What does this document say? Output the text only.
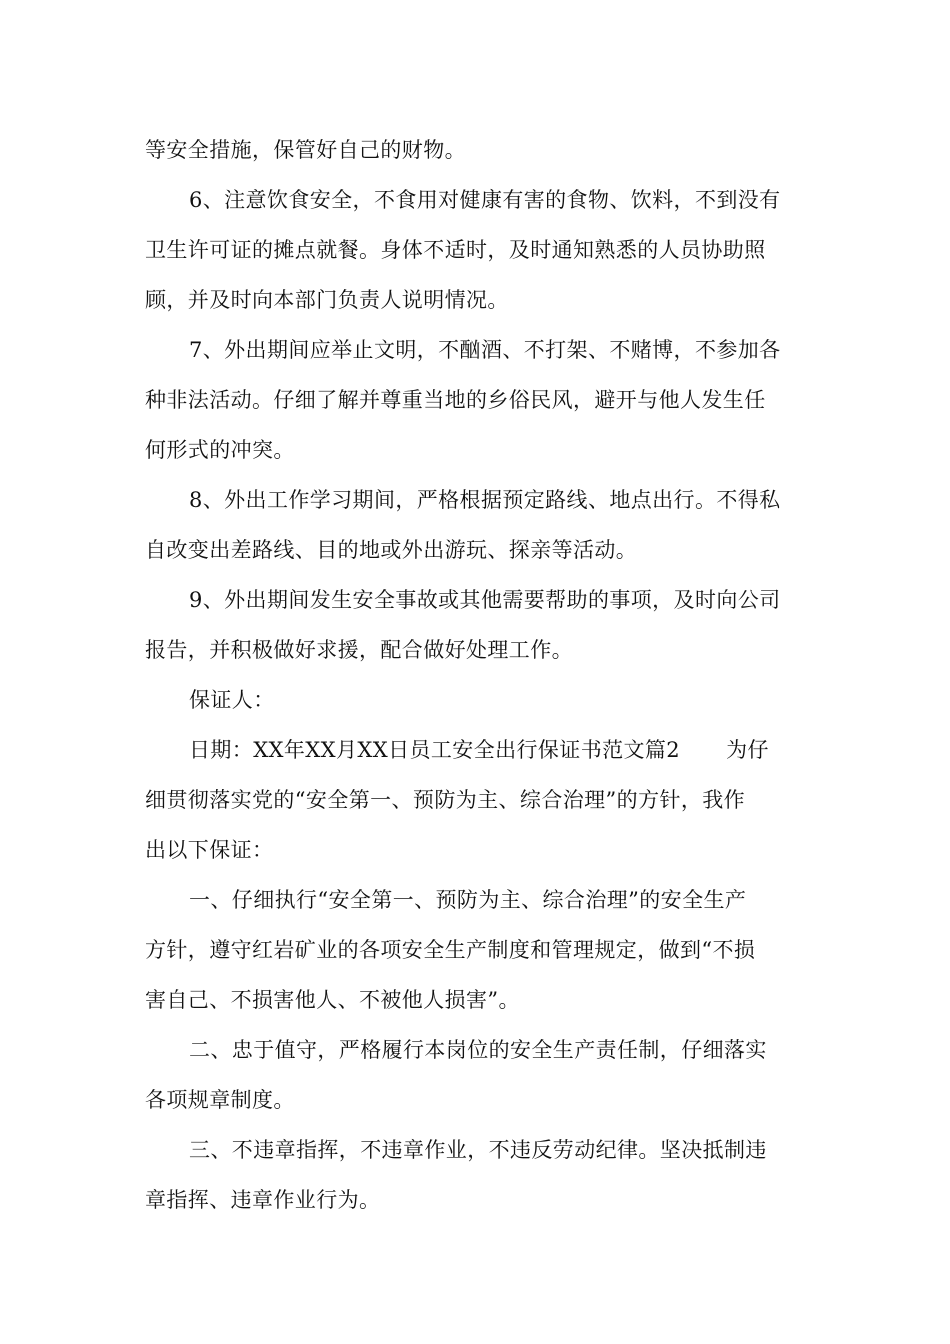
等安全措施，保管好自己的财物。
6、注意饮食安全，不食用对健康有害的食物、饮料，不到没有
卫生许可证的摊点就餐。身体不适时，及时通知熟悉的人员协助照
顾，并及时向本部门负责人说明情况。
7、外出期间应举止文明，不酗酒、不打架、不赌博，不参加各
种非法活动。仔细了解并尊重当地的乡俗民风，避开与他人发生任
何形式的冲突。
8、外出工作学习期间，严格根据预定路线、地点出行。不得私
自改变出差路线、目的地或外出游玩、探亲等活动。
9、外出期间发生安全事故或其他需要帮助的事项，及时向公司
报告，并积极做好求援，配合做好处理工作。
保证人：
日期：XX年XX月XX日员工安全出行保证书范文篇2 为仔
细贯彻落实党的“安全第一、预防为主、综合治理”的方针，我作
出以下保证：
一、仔细执行“安全第一、预防为主、综合治理”的安全生产
方针，遵守红岩矿业的各项安全生产制度和管理规定，做到“不损
害自己、不损害他人、不被他人损害”。
二、忠于值守，严格履行本岗位的安全生产责任制，仔细落实
各项规章制度。
三、不违章指挥，不违章作业，不违反劳动纪律。坚决抵制违
章指挥、违章作业行为。
